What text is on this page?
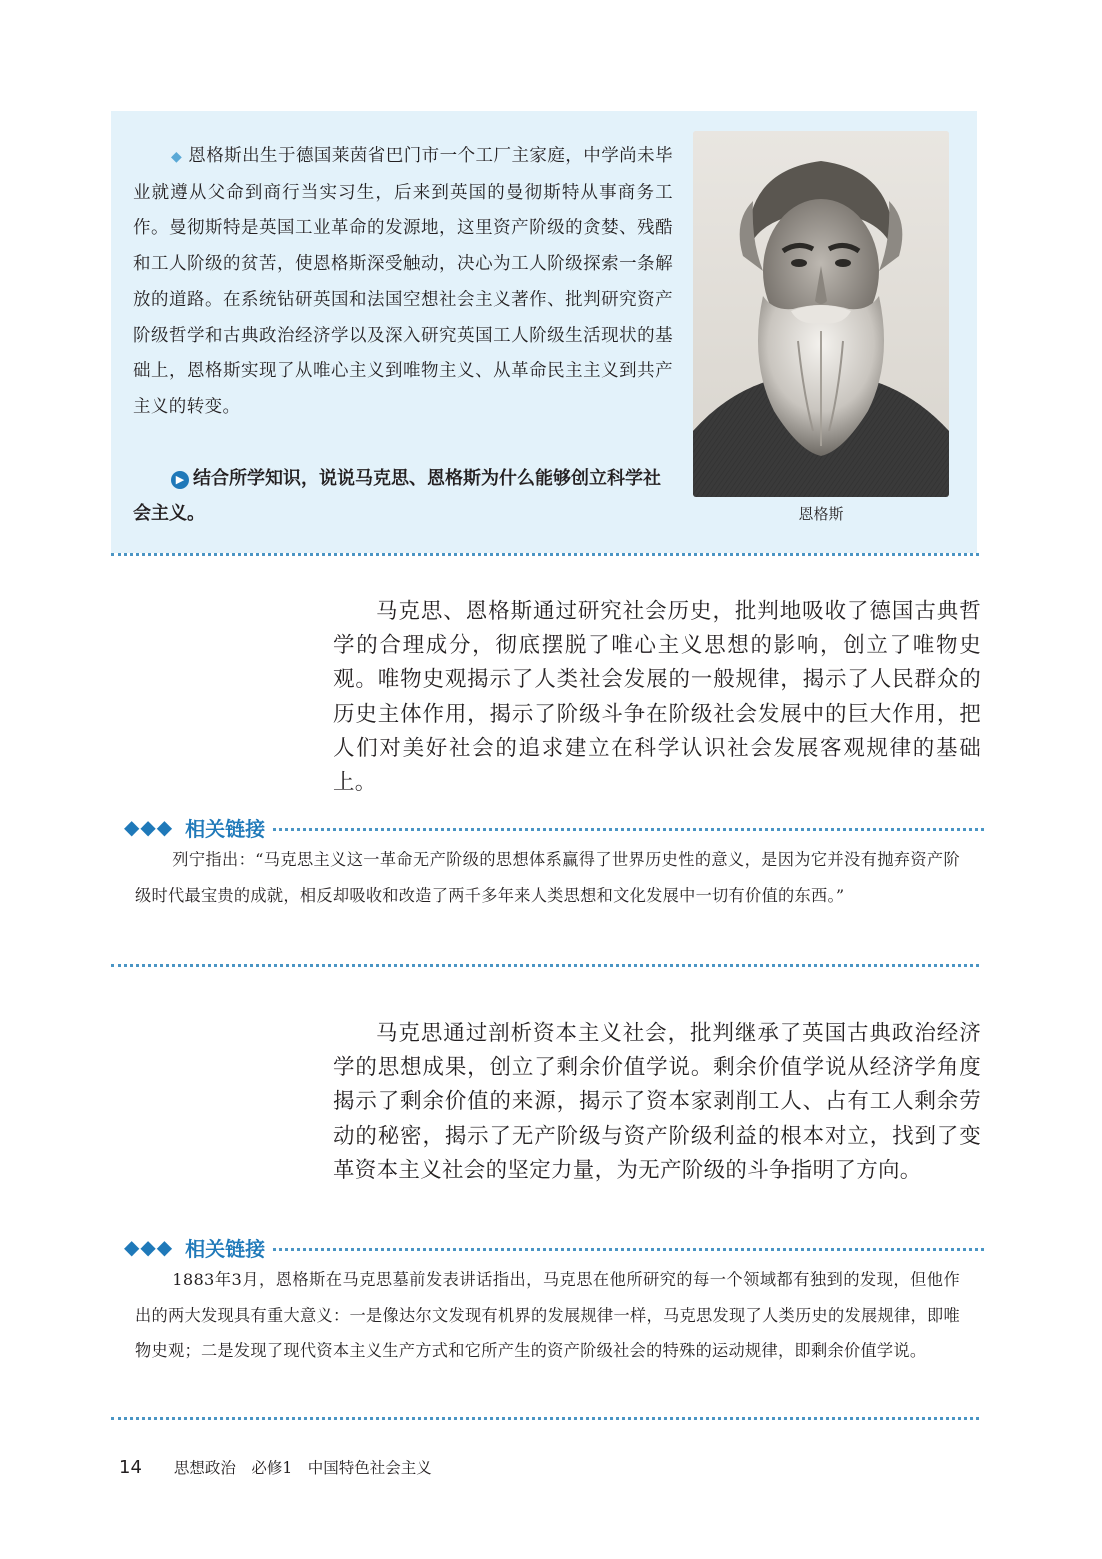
◆ 恩格斯出生于德国莱茵省巴门市一个工厂主家庭，中学尚未毕业就遵从父命到商行当实习生，后来到英国的曼彻斯特从事商务工作。曼彻斯特是英国工业革命的发源地，这里资产阶级的贪婪、残酷和工人阶级的贫苦，使恩格斯深受触动，决心为工人阶级探索一条解放的道路。在系统钻研英国和法国空想社会主义著作、批判研究资产阶级哲学和古典政治经济学以及深入研究英国工人阶级生活现状的基础上，恩格斯实现了从唯心主义到唯物主义、从革命民主主义到共产主义的转变。

▶ 结合所学知识，说说马克思、恩格斯为什么能够创立科学社会主义。	恩格斯

马克思、恩格斯通过研究社会历史，批判地吸收了德国古典哲学的合理成分，彻底摆脱了唯心主义思想的影响，创立了唯物史观。唯物史观揭示了人类社会发展的一般规律，揭示了人民群众的历史主体作用，揭示了阶级斗争在阶级社会发展中的巨大作用，把人们对美好社会的追求建立在科学认识社会发展客观规律的基础上。

◆◆◆ 相关链接

列宁指出：“马克思主义这一革命无产阶级的思想体系赢得了世界历史性的意义，是因为它并没有抛弃资产阶级时代最宝贵的成就，相反却吸收和改造了两千多年来人类思想和文化发展中一切有价值的东西。”

马克思通过剖析资本主义社会，批判继承了英国古典政治经济学的思想成果，创立了剩余价值学说。剩余价值学说从经济学角度揭示了剩余价值的来源，揭示了资本家剥削工人、占有工人剩余劳动的秘密，揭示了无产阶级与资产阶级利益的根本对立，找到了变革资本主义社会的坚定力量，为无产阶级的斗争指明了方向。

◆◆◆ 相关链接

1883年3月，恩格斯在马克思墓前发表讲话指出，马克思在他所研究的每一个领域都有独到的发现，但他作出的两大发现具有重大意义：一是像达尔文发现有机界的发展规律一样，马克思发现了人类历史的发展规律，即唯物史观；二是发现了现代资本主义生产方式和它所产生的资产阶级社会的特殊的运动规律，即剩余价值学说。

14 思想政治　必修1　中国特色社会主义
